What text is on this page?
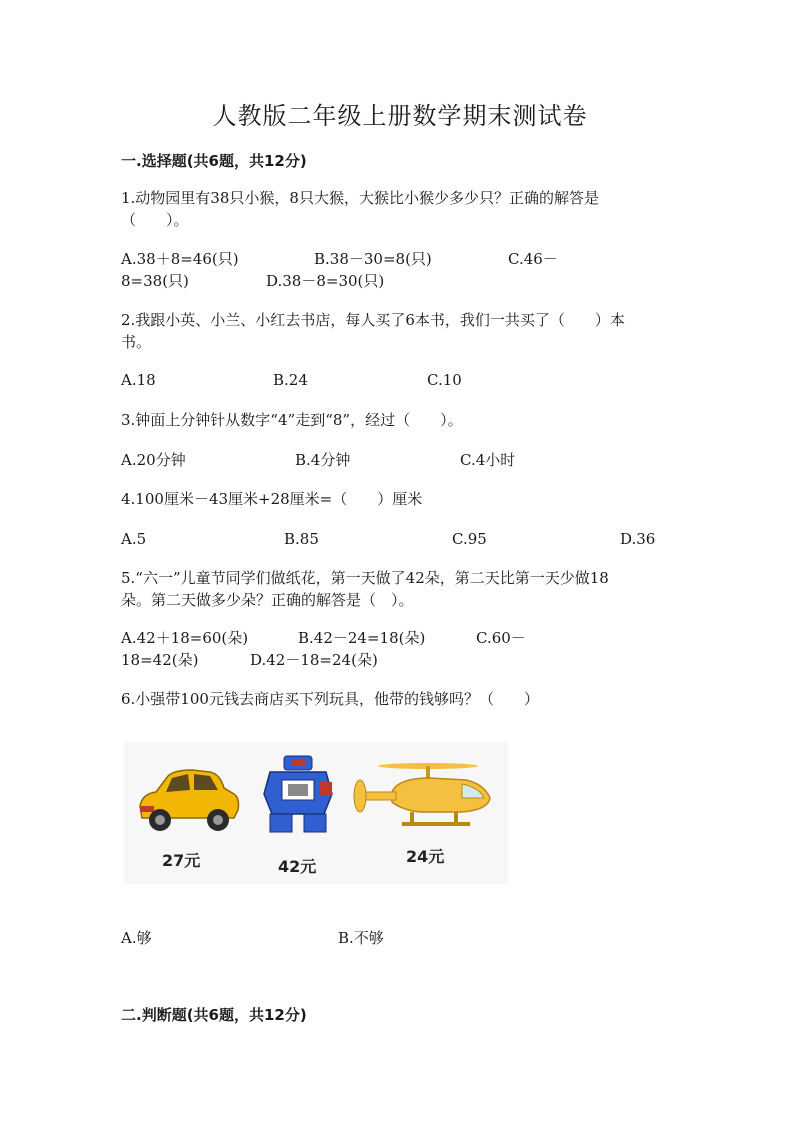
人教版二年级上册数学期末测试卷
一.选择题(共6题，共12分)
1.动物园里有38只小猴，8只大猴，大猴比小猴少多少只？正确的解答是
（　　）。
A.38＋8=46(只)	B.38－30=8(只)	C.46－
8=38(只)	D.38－8=30(只)
2.我跟小英、小兰、小红去书店，每人买了6本书，我们一共买了（　　）本
书。
A.18	B.24	C.10
3.钟面上分钟针从数字“4”走到“8”，经过（　　）。
A.20分钟	B.4分钟	C.4小时
4.100厘米－43厘米+28厘米=（　　）厘米
A.5	B.85	C.95	D.36
5.“六一”儿童节同学们做纸花，第一天做了42朵，第二天比第一天少做18
朵。第二天做多少朵？正确的解答是（　）。
A.42＋18=60(朵)	B.42－24=18(朵)	C.60－
18=42(朵)	D.42－18=24(朵)
6.小强带100元钱去商店买下列玩具，他带的钱够吗？（　　）
27元	42元
24元
A.够	B.不够
二.判断题(共6题，共12分)
